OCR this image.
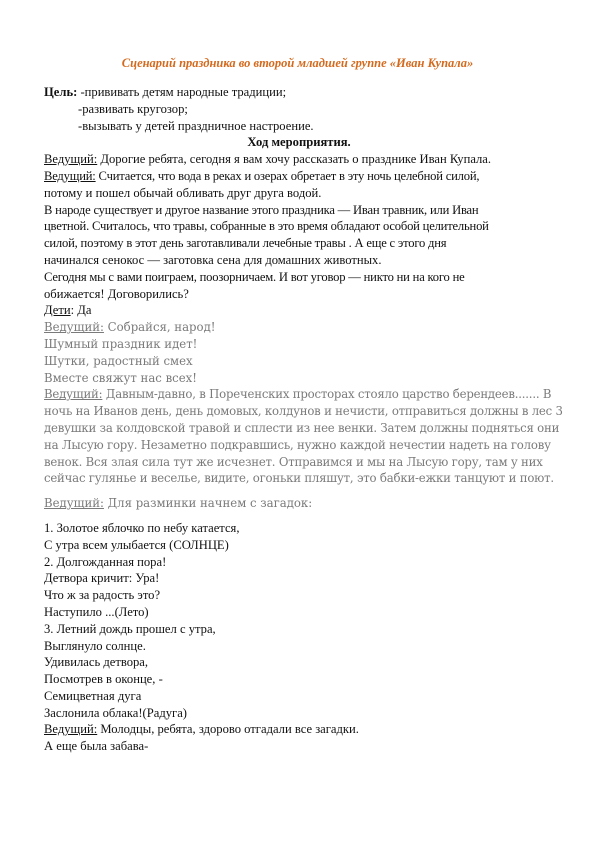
Сценарий праздника во второй младшей группе «Иван Купала»
Цель: -прививать детям народные традиции;
-развивать кругозор;
-вызывать у детей праздничное настроение.
Ход мероприятия.
Ведущий: Дорогие ребята, сегодня я вам хочу рассказать о празднике Иван Купала.
Ведущий: Считается, что вода в реках и озерах обретает в эту ночь целебной силой,
потому и пошел обычай обливать друг друга водой.
В народе существует и другое название этого праздника — Иван травник, или Иван
цветной. Считалось, что травы, собранные в это время обладают особой целительной
силой, поэтому в этот день заготавливали лечебные травы . А еще с этого дня
начинался сенокос — заготовка сена для домашних животных.
Сегодня мы с вами поиграем, поозорничаем. И вот уговор — никто ни на кого не
обижается! Договорились?
Дети: Да
Ведущий: Собрайся, народ!
Шумный праздник идет!
Шутки, радостный смех
Вместе свяжут нас всех!
Ведущий: Давным-давно, в Пореченских просторах стояло царство берендеев....... В
ночь на Иванов день, день домовых, колдунов и нечисти, отправиться должны в лес 3
девушки за колдовской травой и сплести из нее венки. Затем должны подняться они
на Лысую гору. Незаметно подкравшись, нужно каждой нечестии надеть на голову
венок. Вся злая сила тут же исчезнет. Отправимся и мы на Лысую гору, там у них
сейчас гулянье и веселье, видите, огоньки пляшут, это бабки-ежки танцуют и поют.
Ведущий: Для разминки начнем с загадок:
1. Золотое яблочко по небу катается,
С утра всем улыбается (СОЛНЦЕ)
2. Долгожданная пора!
Детвора кричит: Ура!
Что ж за радость это?
Наступило ...(Лето)
3. Летний дождь прошел с утра,
Выглянуло солнце.
Удивилась детвора,
Посмотрев в оконце, -
Семицветная дуга
Заслонила облака!(Радуга)
Ведущий: Молодцы, ребята, здорово отгадали все загадки.
А еще была забава-
